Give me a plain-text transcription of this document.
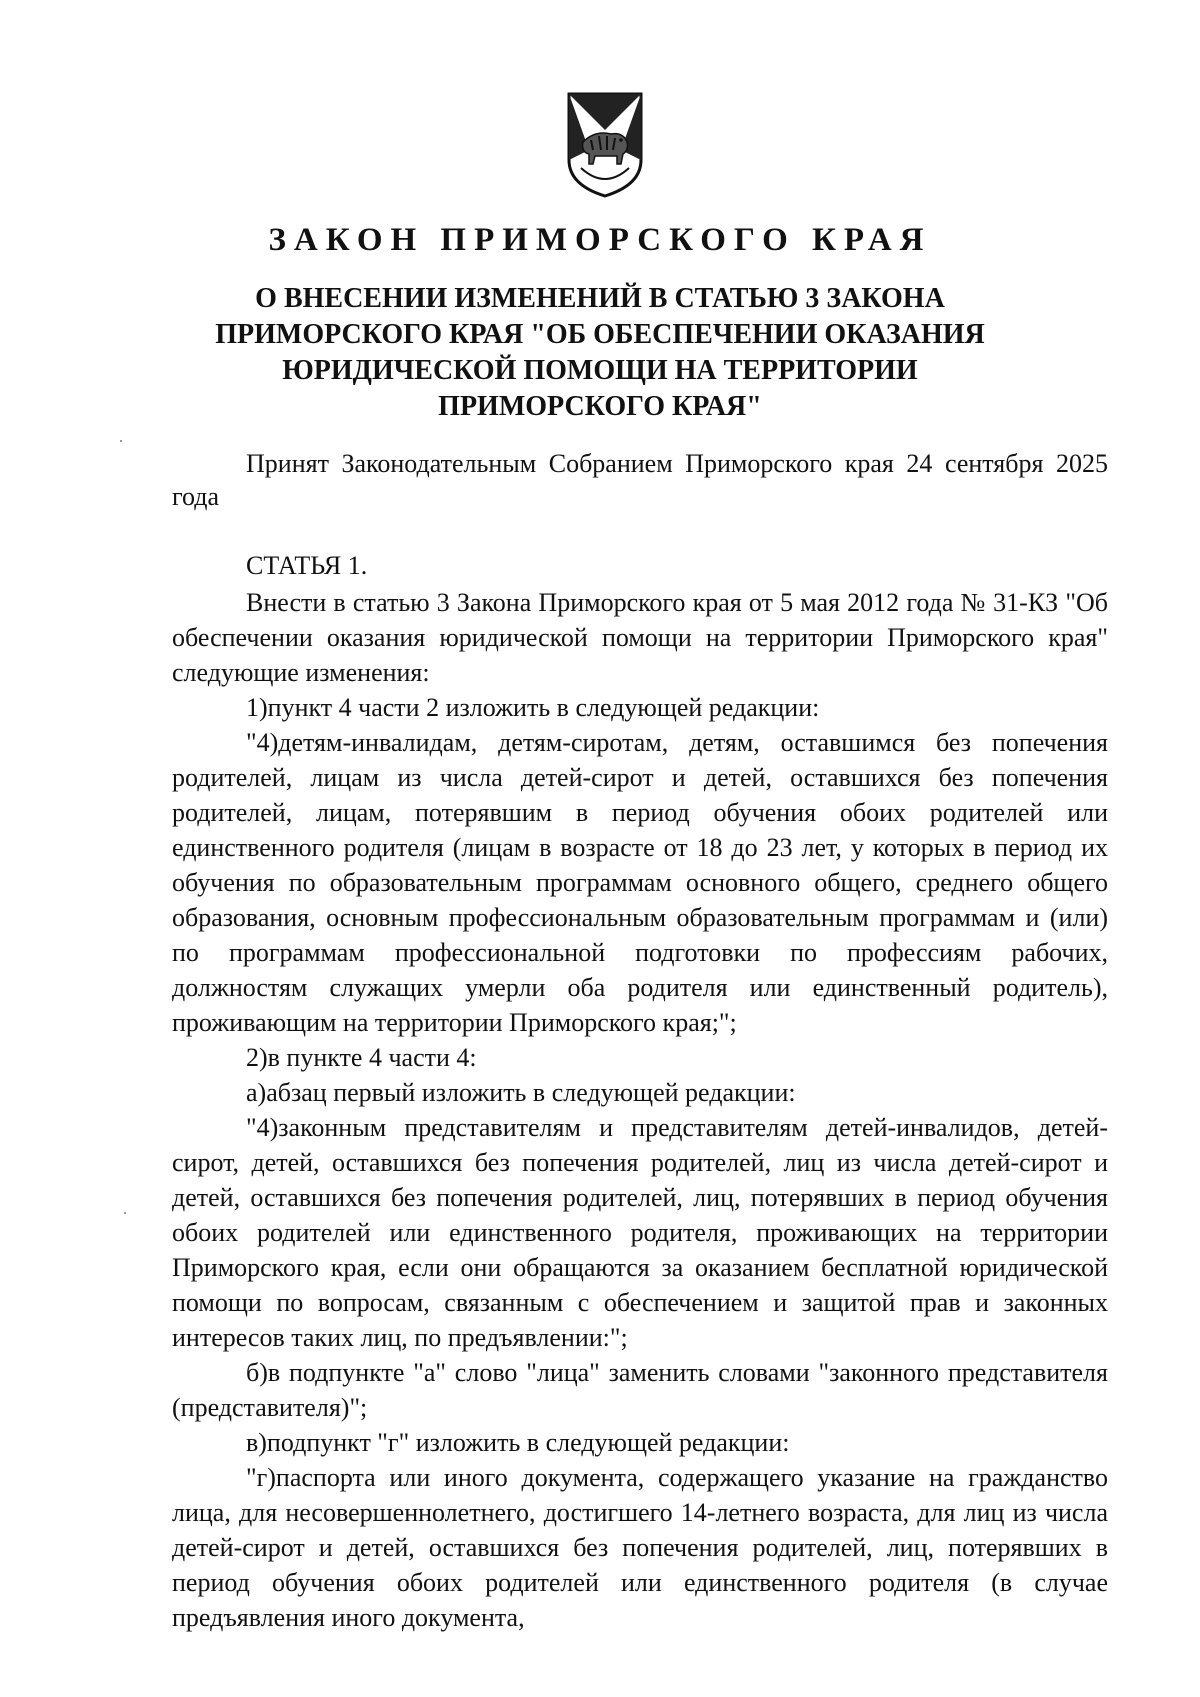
ЗАКОН ПРИМОРСКОГО КРАЯ
О ВНЕСЕНИИ ИЗМЕНЕНИЙ В СТАТЬЮ 3 ЗАКОНА ПРИМОРСКОГО КРАЯ "ОБ ОБЕСПЕЧЕНИИ ОКАЗАНИЯ ЮРИДИЧЕСКОЙ ПОМОЩИ НА ТЕРРИТОРИИ ПРИМОРСКОГО КРАЯ"

Принят Законодательным Собранием Приморского края 24 сентября 2025 года

СТАТЬЯ 1.

Внести в статью 3 Закона Приморского края от 5 мая 2012 года № 31-КЗ "Об обеспечении оказания юридической помощи на территории Приморского края" следующие изменения:

1)пункт 4 части 2 изложить в следующей редакции:

"4)детям-инвалидам, детям-сиротам, детям, оставшимся без попечения родителей, лицам из числа детей-сирот и детей, оставшихся без попечения родителей, лицам, потерявшим в период обучения обоих родителей или единственного родителя (лицам в возрасте от 18 до 23 лет, у которых в период их обучения по образовательным программам основного общего, среднего общего образования, основным профессиональным образовательным программам и (или) по программам профессиональной подготовки по профессиям рабочих, должностям служащих умерли оба родителя или единственный родитель), проживающим на территории Приморского края;";

2)в пункте 4 части 4:

а)абзац первый изложить в следующей редакции:

"4)законным представителям и представителям детей-инвалидов, детей-сирот, детей, оставшихся без попечения родителей, лиц из числа детей-сирот и детей, оставшихся без попечения родителей, лиц, потерявших в период обучения обоих родителей или единственного родителя, проживающих на территории Приморского края, если они обращаются за оказанием бесплатной юридической помощи по вопросам, связанным с обеспечением и защитой прав и законных интересов таких лиц, по предъявлении:";

б)в подпункте "а" слово "лица" заменить словами "законного представителя (представителя)";

в)подпункт "г" изложить в следующей редакции:

"г)паспорта или иного документа, содержащего указание на гражданство лица, для несовершеннолетнего, достигшего 14-летнего возраста, для лиц из числа детей-сирот и детей, оставшихся без попечения родителей, лиц, потерявших в период обучения обоих родителей или единственного родителя (в случае предъявления иного документа,
